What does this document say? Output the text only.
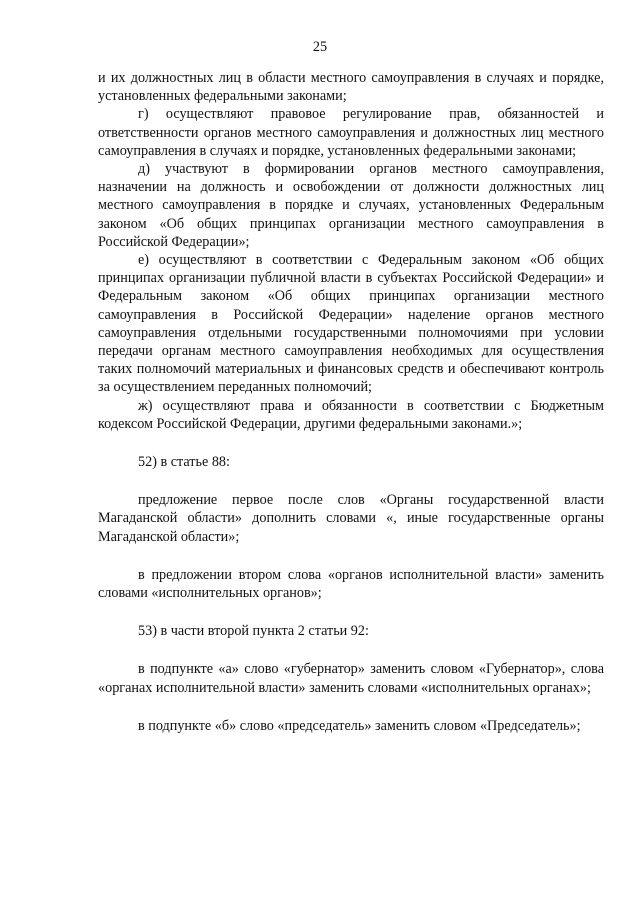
25

и их должностных лиц в области местного самоуправления в случаях и порядке, установленных федеральными законами;

г) осуществляют правовое регулирование прав, обязанностей и ответственности органов местного самоуправления и должностных лиц местного самоуправления в случаях и порядке, установленных федеральными законами;

д) участвуют в формировании органов местного самоуправления, назначении на должность и освобождении от должности должностных лиц местного самоуправления в порядке и случаях, установленных Федеральным законом «Об общих принципах организации местного самоуправления в Российской Федерации»;

е) осуществляют в соответствии с Федеральным законом «Об общих принципах организации публичной власти в субъектах Российской Федерации» и Федеральным законом «Об общих принципах организации местного самоуправления в Российской Федерации» наделение органов местного самоуправления отдельными государственными полномочиями при условии передачи органам местного самоуправления необходимых для осуществления таких полномочий материальных и финансовых средств и обеспечивают контроль за осуществлением переданных полномочий;

ж) осуществляют права и обязанности в соответствии с Бюджетным кодексом Российской Федерации, другими федеральными законами.»;

52) в статье 88:

предложение первое после слов «Органы государственной власти Магаданской области» дополнить словами «, иные государственные органы Магаданской области»;

в предложении втором слова «органов исполнительной власти» заменить словами «исполнительных органов»;

53) в части второй пункта 2 статьи 92:

в подпункте «а» слово «губернатор» заменить словом «Губернатор», слова «органах исполнительной власти» заменить словами «исполнительных органах»;

в подпункте «б» слово «председатель» заменить словом «Председатель»;
